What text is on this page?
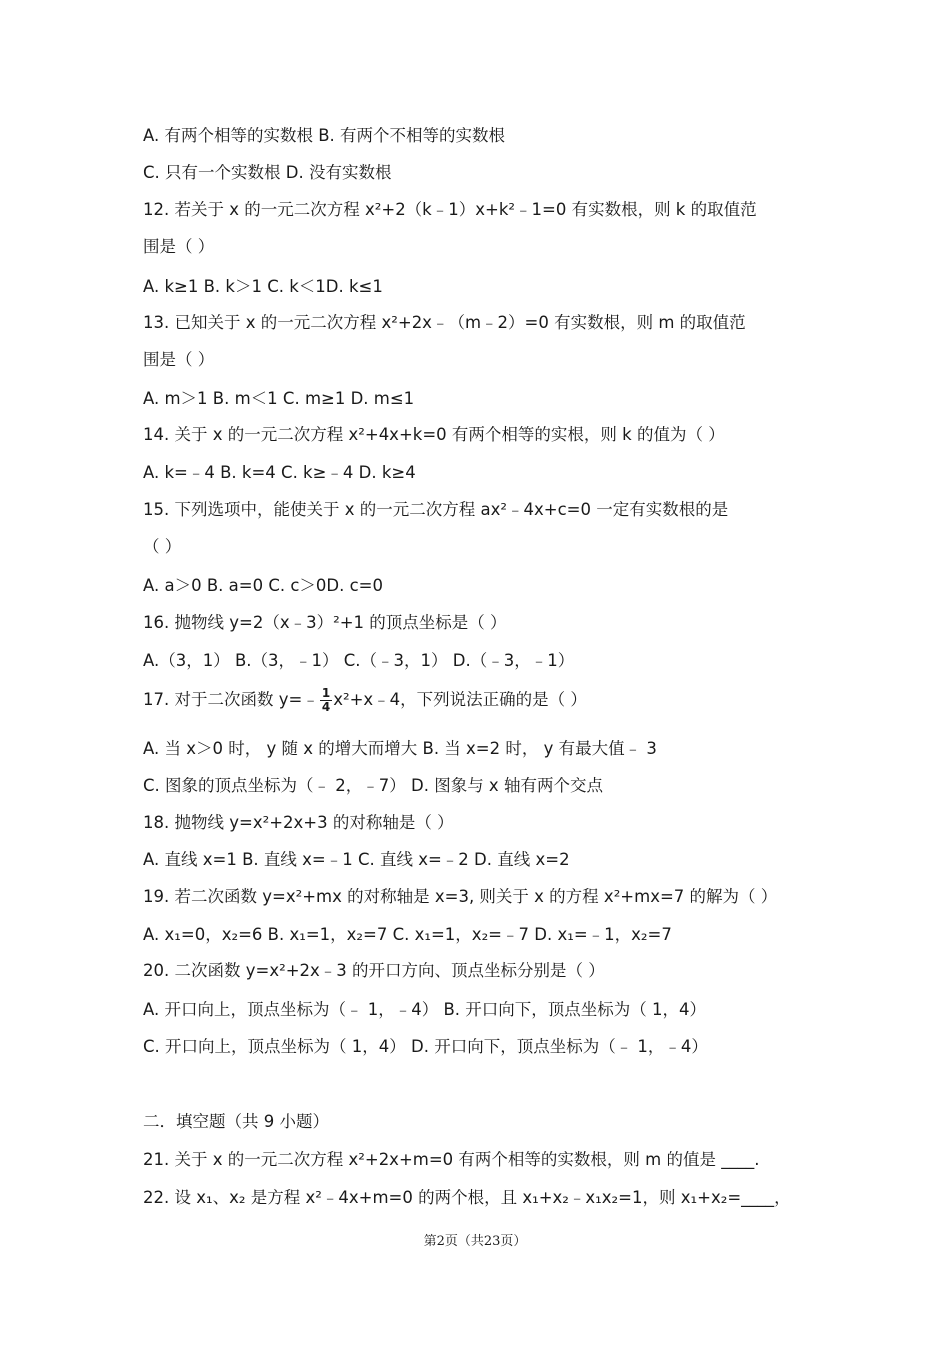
A. 有两个相等的实数根 B. 有两个不相等的实数根
C. 只有一个实数根 D. 没有实数根
12. 若关于 x 的一元二次方程 x²+2（k﹣1）x+k²﹣1=0 有实数根，则 k 的取值范
围是（ ）
A. k≥1 B. k＞1 C. k＜1D. k≤1
13. 已知关于 x 的一元二次方程 x²+2x﹣（m﹣2）=0 有实数根，则 m 的取值范
围是（ ）
A. m＞1 B. m＜1 C. m≥1 D. m≤1
14. 关于 x 的一元二次方程 x²+4x+k=0 有两个相等的实根，则 k 的值为（ ）
A. k=﹣4 B. k=4 C. k≥﹣4 D. k≥4
15. 下列选项中，能使关于 x 的一元二次方程 ax²﹣4x+c=0 一定有实数根的是
（ ）
A. a＞0 B. a=0 C. c＞0D. c=0
16. 抛物线 y=2（x﹣3）²+1 的顶点坐标是（ ）
A.（3，1） B.（3，﹣1） C.（﹣3，1） D.（﹣3，﹣1）
17. 对于二次函数 y=﹣ $\frac{1}{4}$ x²+x﹣4，下列说法正确的是（ ）
A. 当 x＞0 时， y 随 x 的增大而增大 B. 当 x=2 时， y 有最大值﹣ 3
C. 图象的顶点坐标为（﹣ 2，﹣7） D. 图象与 x 轴有两个交点
18. 抛物线 y=x²+2x+3 的对称轴是（ ）
A. 直线 x=1 B. 直线 x=﹣1 C. 直线 x=﹣2 D. 直线 x=2
19. 若二次函数 y=x²+mx 的对称轴是 x=3, 则关于 x 的方程 x²+mx=7 的解为（ ）
A. x₁=0，x₂=6 B. x₁=1，x₂=7 C. x₁=1，x₂=﹣7 D. x₁=﹣1，x₂=7
20. 二次函数 y=x²+2x﹣3 的开口方向、顶点坐标分别是（ ）
A. 开口向上，顶点坐标为（﹣ 1，﹣4） B. 开口向下，顶点坐标为（ 1，4）
C. 开口向上，顶点坐标为（ 1，4） D. 开口向下，顶点坐标为（﹣ 1，﹣4）
二．填空题（共 9 小题）
21. 关于 x 的一元二次方程 x²+2x+m=0 有两个相等的实数根，则 m 的值是 ____.
22. 设 x₁、x₂ 是方程 x²﹣4x+m=0 的两个根，且 x₁+x₂﹣x₁x₂=1，则 x₁+x₂=____，
第2页（共23页）
